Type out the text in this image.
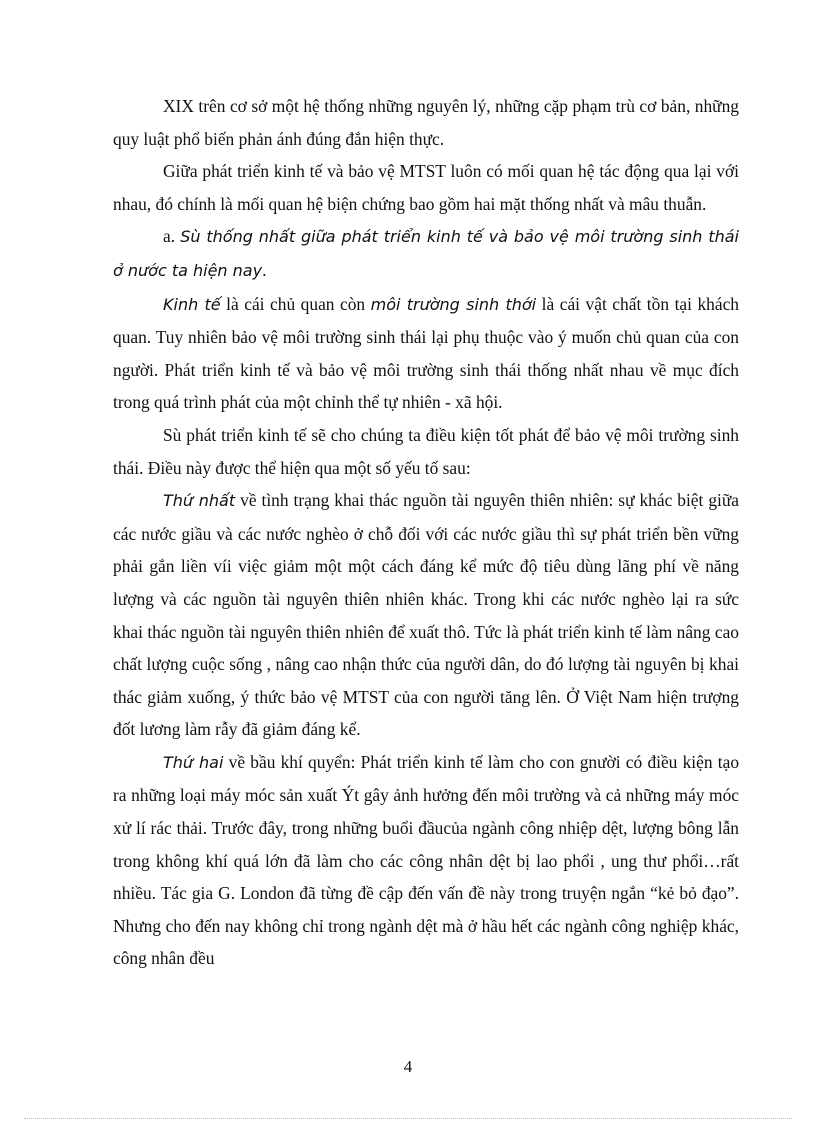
XIX trên cơ sở một hệ thống những nguyên lý, những cặp phạm trù cơ bản, những quy luật phổ biến phản ánh đúng đắn hiện thực.

Giữa phát triển kinh tế và bảo vệ MTST luôn có mối quan hệ tác động qua lại với nhau, đó chính là mối quan hệ biện chứng bao gồm hai mặt thống nhất và mâu thuẫn.

a. Sù thống nhất giữa phát triển kinh tế và bảo vệ môi trường sinh thái ở nước ta hiện nay.

Kinh tế là cái chủ quan còn môi trường sinh thới là cái vật chất tồn tại khách quan. Tuy nhiên bảo vệ môi trường sinh thái lại phụ thuộc vào ý muốn chủ quan của con người. Phát triển kinh tế và bảo vệ môi trường sinh thái thống nhất nhau về mục đích trong quá trình phát của một chỉnh thể tự nhiên - xã hội.

Sù phát triển kinh tế sẽ cho chúng ta điều kiện tốt phát để bảo vệ môi trường sinh thái. Điều này được thể hiện qua một số yếu tố sau:

Thứ nhất về tình trạng khai thác nguồn tài nguyên thiên nhiên: sự khác biệt giữa các nước giầu và các nước nghèo ở chỗ đối với các nước giầu thì sự phát triển bền vững phải gắn liền víi việc giảm một một cách đáng kể mức độ tiêu dùng lãng phí về năng lượng và các nguồn tài nguyên thiên nhiên khác. Trong khi các nước nghèo lại ra sức khai thác nguồn tài nguyên thiên nhiên để xuất thô. Tức là phát triển kinh tế làm nâng cao chất lượng cuộc sống , nâng cao nhận thức của người dân, do đó lượng tài nguyên bị khai thác giảm xuống, ý thức bảo vệ MTST của con người tăng lên. Ở Việt Nam hiện trượng đốt lương làm rẫy đã giảm đáng kể.

Thứ hai về bầu khí quyển: Phát triển kinh tế làm cho con gnười có điều kiện tạo ra những loại máy móc sản xuất Ýt gây ảnh hưởng đến môi trường và cả những máy móc xử lí rác thải. Trước đây, trong những buổi đầucủa ngành công nhiệp dệt, lượng bông lẫn trong không khí quá lớn đã làm cho các công nhân dệt bị lao phổi , ung thư phổi…rất nhiều. Tác gia G. London đã từng đề cập đến vấn đề này trong truyện ngắn “kẻ bỏ đạo”. Nhưng cho đến nay không chỉ trong ngành dệt mà ở hầu hết các ngành công nghiệp khác, công nhân đều

4
